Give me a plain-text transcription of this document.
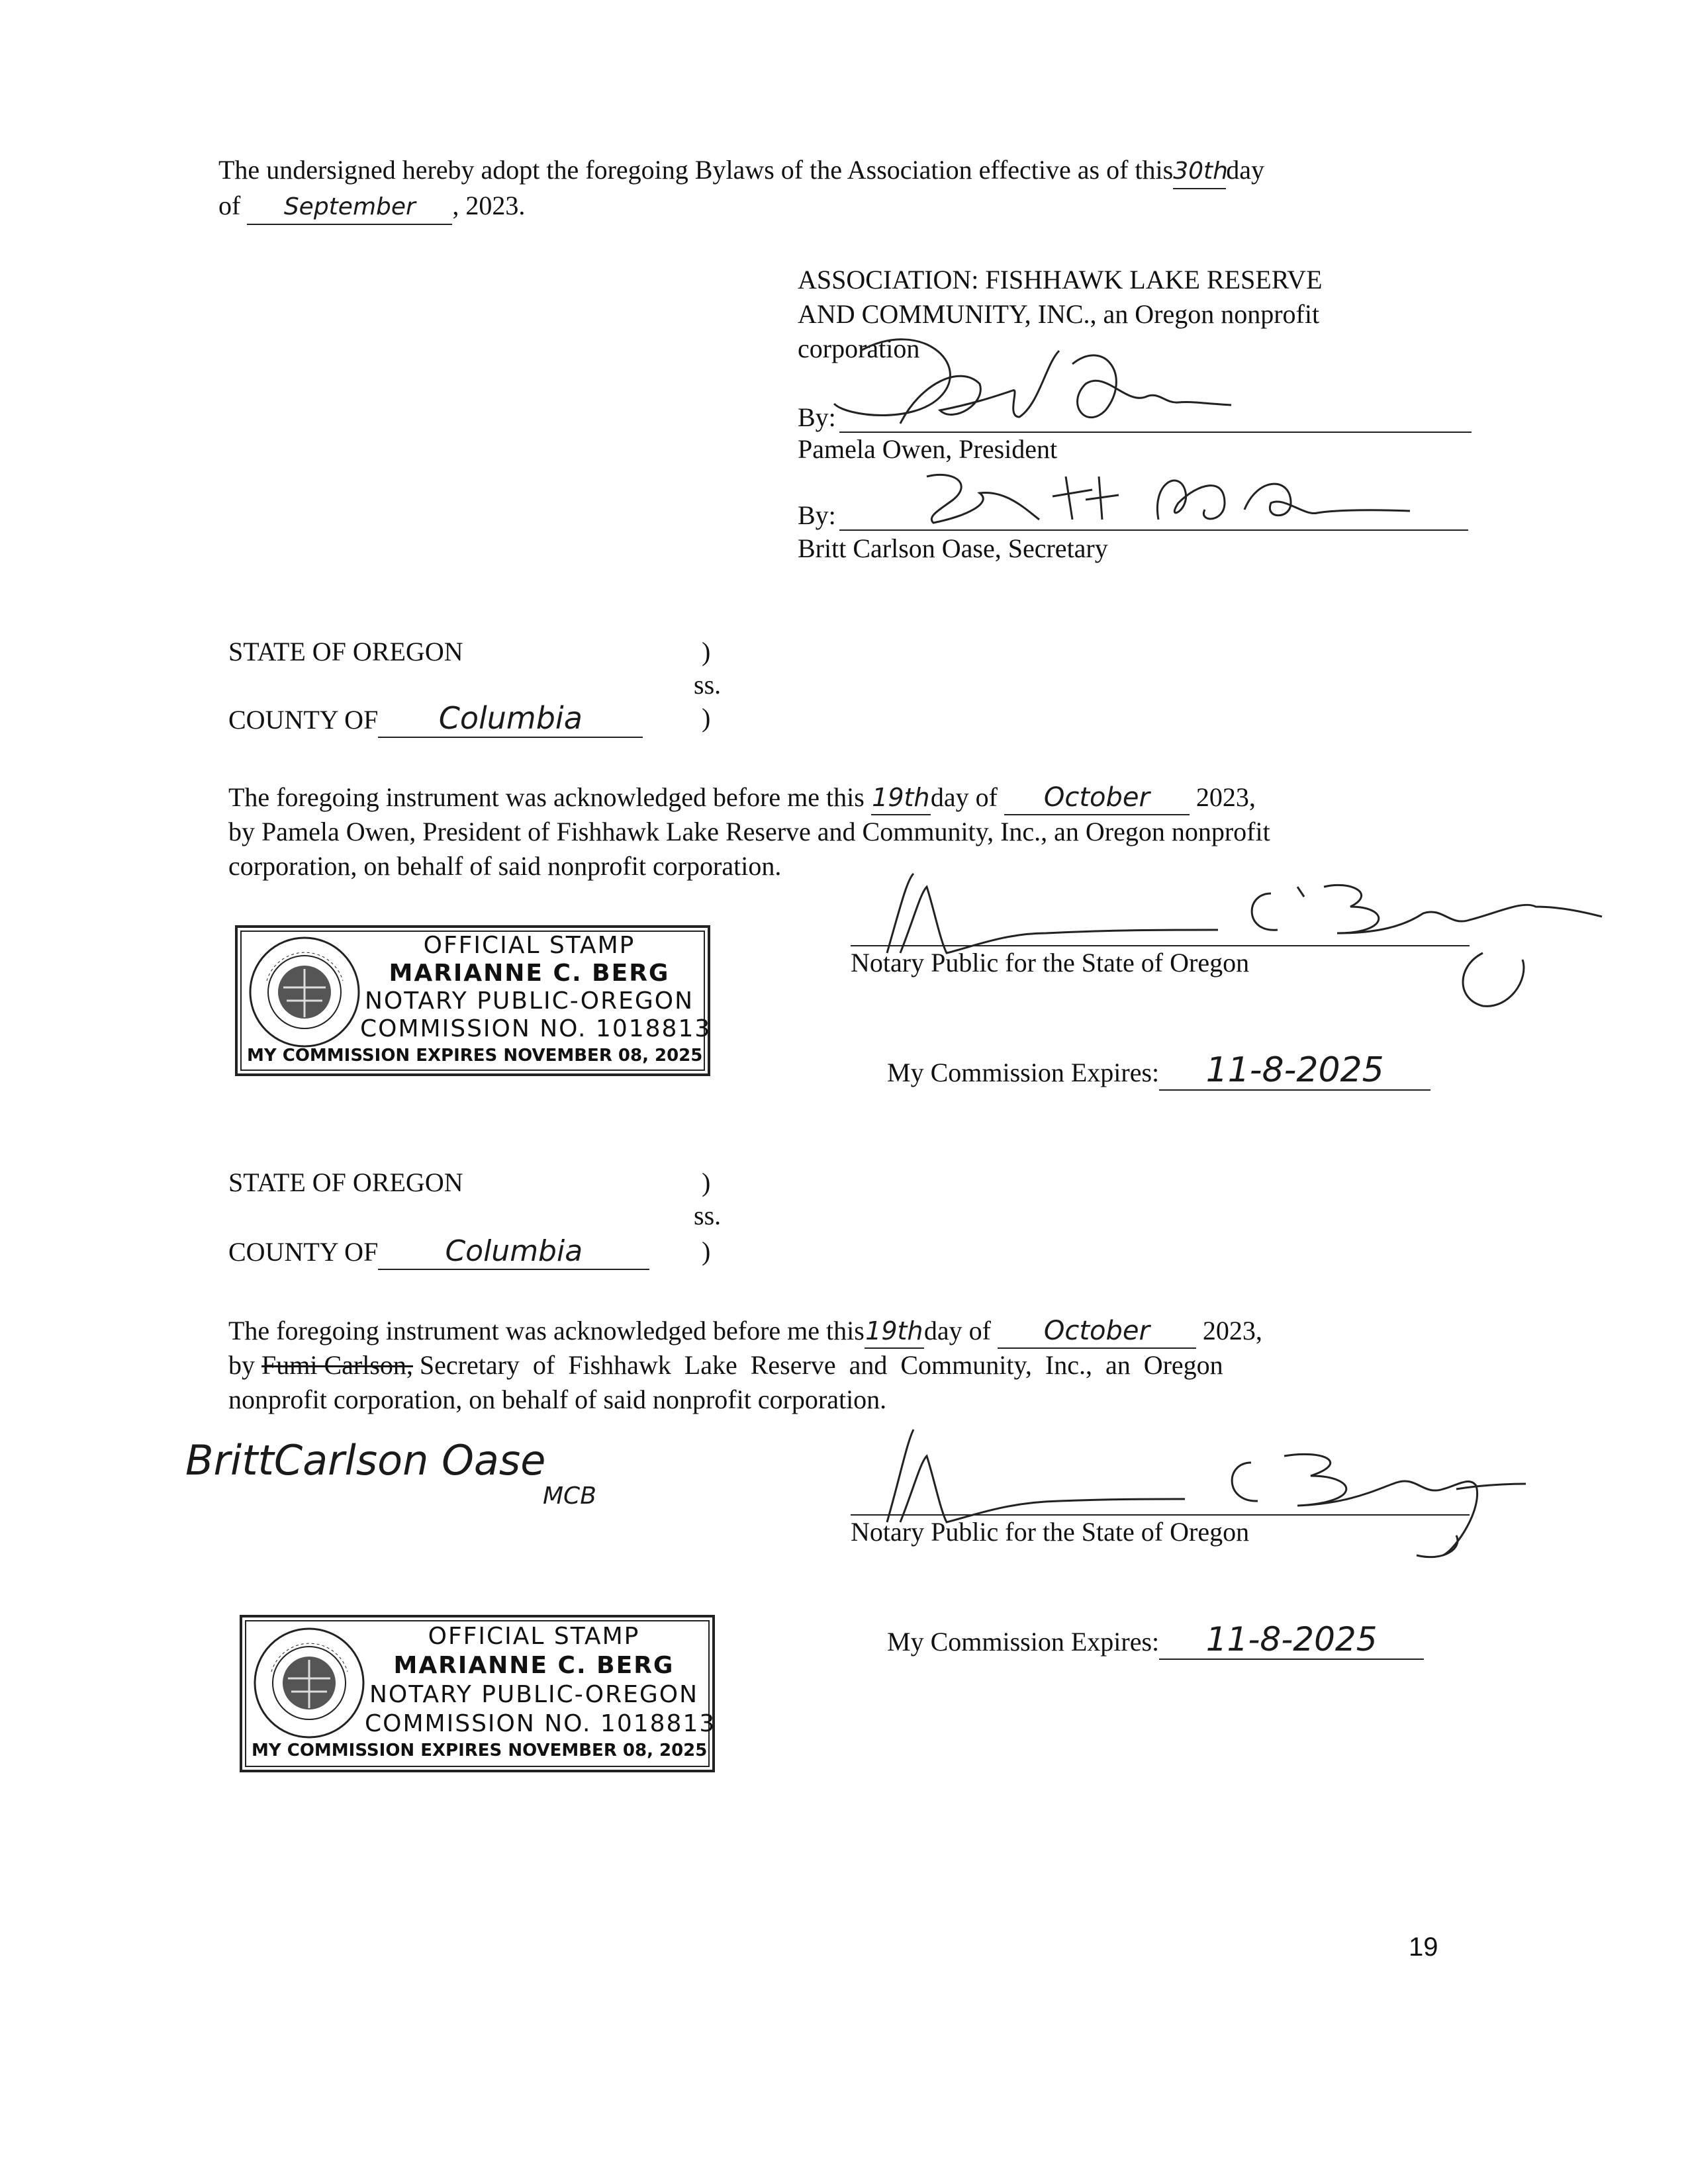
The undersigned hereby adopt the foregoing Bylaws of the Association effective as of this30thday
of September , 2023.
ASSOCIATION: FISHHAWK LAKE RESERVE
AND COMMUNITY, INC., an Oregon nonprofit
corporation
By:
Pamela Owen, President
By:
Britt Carlson Oase, Secretary
STATE OF OREGON	)
ss.
)
COUNTY OF Columbia
The foregoing instrument was acknowledged before me this 19thday of October 2023,
by Pamela Owen, President of Fishhawk Lake Reserve and Community, Inc., an Oregon nonprofit
corporation, on behalf of said nonprofit corporation.
OFFICIAL STAMP
MARIANNE C. BERG
NOTARY PUBLIC-OREGON
COMMISSION NO. 1018813
MY COMMISSION EXPIRES NOVEMBER 08, 2025
Notary Public for the State of Oregon
My Commission Expires: 11-8-2025
STATE OF OREGON	)
ss.
)
COUNTY OF Columbia
The foregoing instrument was acknowledged before me this19thday of October 2023,
by Fumi Carlson, Secretary  of  Fishhawk  Lake  Reserve  and  Community,  Inc.,  an  Oregon
nonprofit corporation, on behalf of said nonprofit corporation.
BrittCarlson Oase
MCB
Notary Public for the State of Oregon
My Commission Expires: 11-8-2025
OFFICIAL STAMP
MARIANNE C. BERG
NOTARY PUBLIC-OREGON
COMMISSION NO. 1018813
MY COMMISSION EXPIRES NOVEMBER 08, 2025
19
